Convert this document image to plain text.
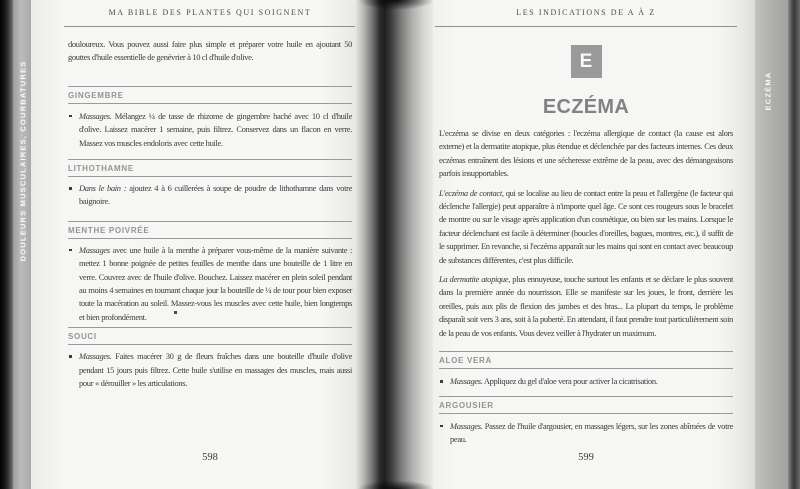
DOULEURS MUSCULAIRES, COURBATURES
MA BIBLE DES PLANTES QUI SOIGNENT

douloureux. Vous pouvez aussi faire plus simple et préparer votre huile en ajoutant 50 gouttes d'huile essentielle de genévrier à 10 cl d'huile d'olive.

GINGEMBRE
Massages. Mélangez ¼ de tasse de rhizome de gingembre haché avec 10 cl d'huile d'olive. Laissez macérer 1 semaine, puis filtrez. Conservez dans un flacon en verre. Massez vos muscles endoloris avec cette huile.
LITHOTHAMNE
Dans le bain : ajoutez 4 à 6 cuillerées à soupe de poudre de lithothamne dans votre baignoire.
MENTHE POIVRÉE
Massages avec une huile à la menthe à préparer vous-même de la manière suivante : mettez 1 bonne poignée de petites feuilles de menthe dans une bouteille de 1 litre en verre. Couvrez avec de l'huile d'olive. Bouchez. Laissez macérer en plein soleil pendant au moins 4 semaines en tournant chaque jour la bouteille de ¼ de tour pour bien exposer toute la macération au soleil. Massez-vous les muscles avec cette huile, bien longtemps et bien profondément.
SOUCI
Massages. Faites macérer 30 g de fleurs fraîches dans une bouteille d'huile d'olive pendant 15 jours puis filtrez. Cette huile s'utilise en massages des muscles, mais aussi pour « dérouiller » les articulations.
598
LES INDICATIONS DE A À Z
E
ECZÉMA

L'eczéma se divise en deux catégories : l'eczéma allergique de contact (la cause est alors externe) et la dermatite atopique, plus étendue et déclenchée par des facteurs internes. Ces deux eczémas entraînent des lésions et une sécheresse extrême de la peau, avec des démangeaisons parfois insupportables.

L'eczéma de contact, qui se localise au lieu de contact entre la peau et l'allergène (le facteur qui déclenche l'allergie) peut apparaître à n'importe quel âge. Ce sont ces rougeurs sous le bracelet de montre ou sur le visage après application d'un cosmétique, ou bien sur les mains. Lorsque le facteur déclenchant est facile à déterminer (boucles d'oreilles, bagues, montres, etc.), il suffit de le supprimer. En revanche, si l'eczéma apparaît sur les mains qui sont en contact avec beaucoup de substances différentes, c'est plus difficile.

La dermatite atopique, plus ennuyeuse, touche surtout les enfants et se déclare le plus souvent dans la première année du nourrisson. Elle se manifeste sur les joues, le front, derrière les oreilles, puis aux plis de flexion des jambes et des bras... La plupart du temps, le problème disparaît soit vers 3 ans, soit à la puberté. En attendant, il faut prendre tout particulièrement soin de la peau de vos enfants. Vous devez veiller à l'hydrater un maximum.

ALOE VERA
Massages. Appliquez du gel d'aloe vera pour activer la cicatrisation.
ARGOUSIER
Massages. Passez de l'huile d'argousier, en massages légers, sur les zones abîmées de votre peau.
599
ECZÉMA
